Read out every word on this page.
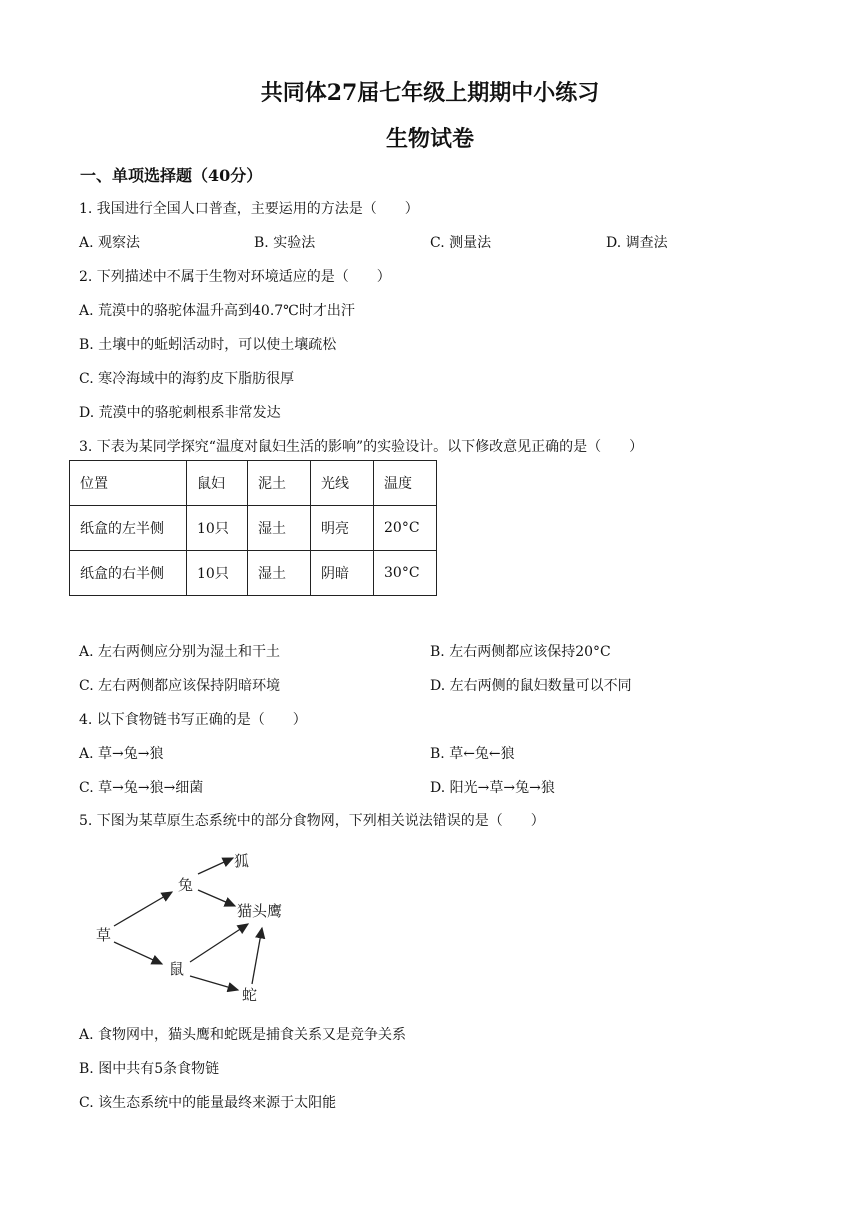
共同体27届七年级上期期中小练习
生物试卷
一、单项选择题（40分）
1. 我国进行全国人口普查，主要运用的方法是（　　）
A. 观察法	B. 实验法	C. 测量法	D. 调查法
2. 下列描述中不属于生物对环境适应的是（　　）
A. 荒漠中的骆驼体温升高到40.7℃时才出汗
B. 土壤中的蚯蚓活动时，可以使土壤疏松
C. 寒冷海域中的海豹皮下脂肪很厚
D. 荒漠中的骆驼刺根系非常发达
3. 下表为某同学探究“温度对鼠妇生活的影响”的实验设计。以下修改意见正确的是（　　）
位置	鼠妇	泥土	光线	温度
纸盒的左半侧	10只	湿土	明亮	20°C
纸盒的右半侧	10只	湿土	阴暗	30°C
A. 左右两侧应分别为湿土和干土	B. 左右两侧都应该保持20°C
C. 左右两侧都应该保持阴暗环境	D. 左右两侧的鼠妇数量可以不同
4. 以下食物链书写正确的是（　　）
A. 草→兔→狼	B. 草←兔←狼
C. 草→兔→狼→细菌	D. 阳光→草→兔→狼
5. 下图为某草原生态系统中的部分食物网，下列相关说法错误的是（　　）
狐
兔
猫头鹰
草
鼠
蛇
A. 食物网中，猫头鹰和蛇既是捕食关系又是竞争关系
B. 图中共有5条食物链
C. 该生态系统中的能量最终来源于太阳能
